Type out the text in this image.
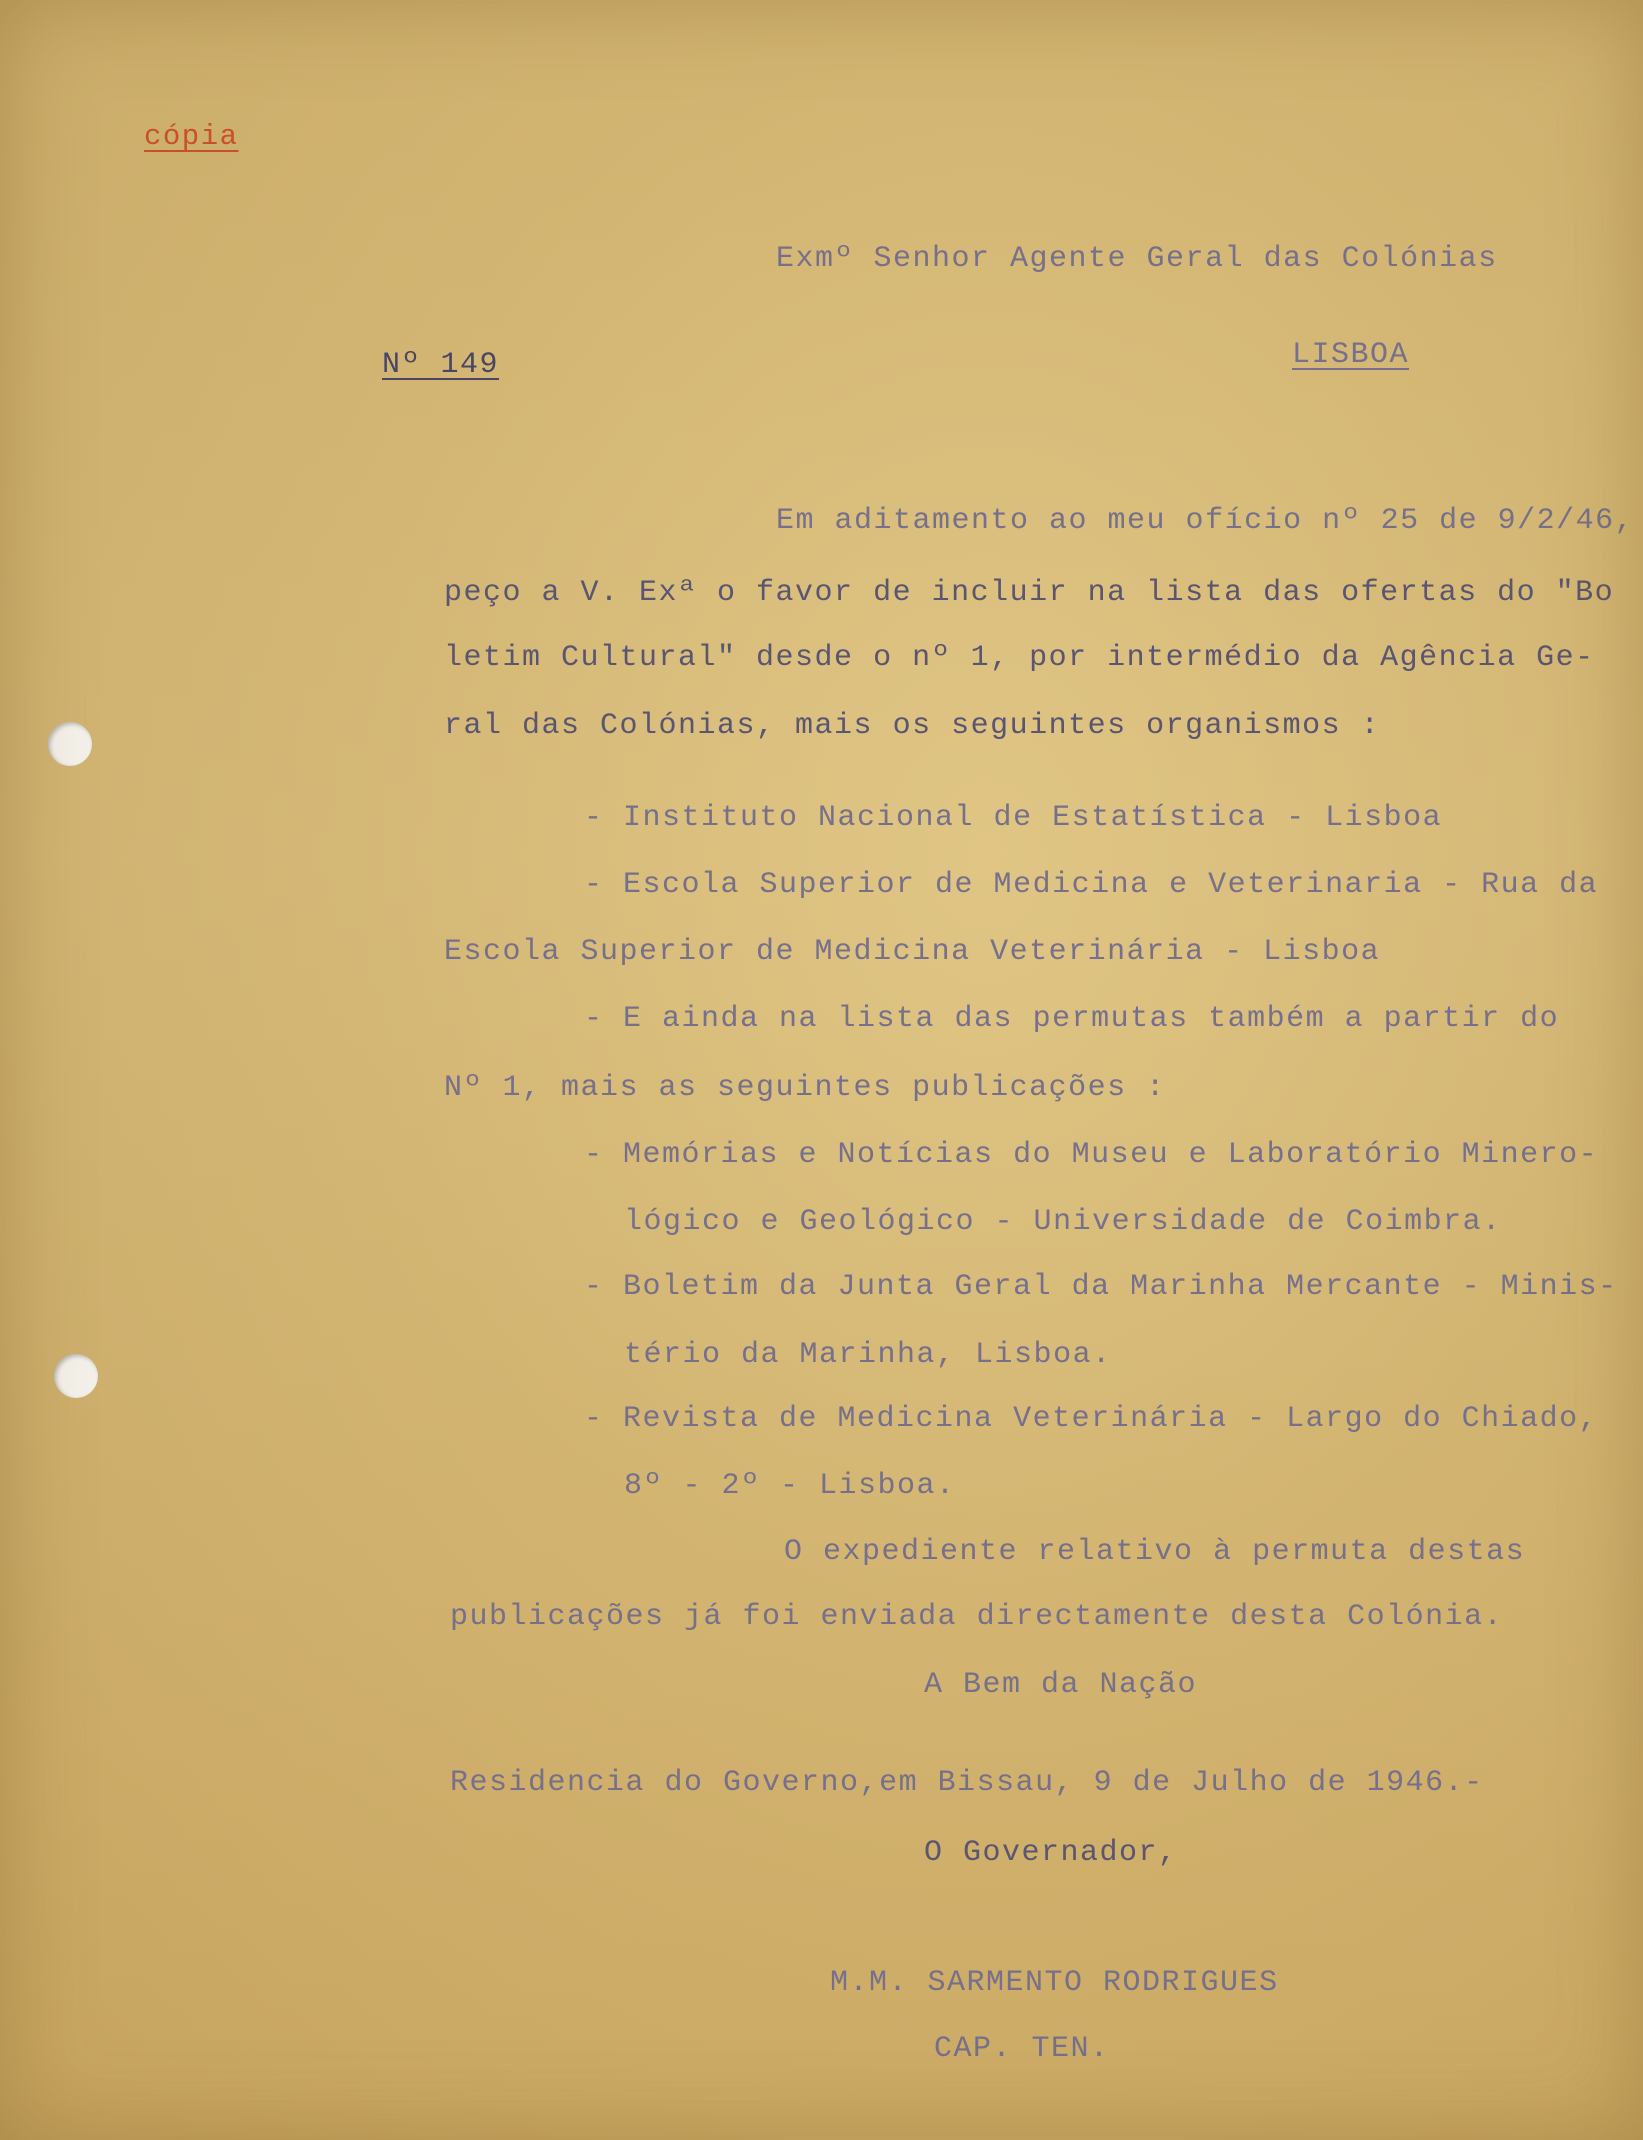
cópia
Exmº Senhor Agente Geral das Colónias
Nº 149	LISBOA
Em aditamento ao meu ofício nº 25 de 9/2/46,
peço a V. Exª o favor de incluir na lista das ofertas do "Bo
letim Cultural" desde o nº 1, por intermédio da Agência Ge-
ral das Colónias, mais os seguintes organismos :
- Instituto Nacional de Estatística - Lisboa
- Escola Superior de Medicina e Veterinaria - Rua da
Escola Superior de Medicina Veterinária - Lisboa
- E ainda na lista das permutas também a partir do
Nº 1, mais as seguintes publicações :
- Memórias e Notícias do Museu e Laboratório Minero-
lógico e Geológico - Universidade de Coimbra.
- Boletim da Junta Geral da Marinha Mercante - Minis-
tério da Marinha, Lisboa.
- Revista de Medicina Veterinária - Largo do Chiado,
8º - 2º - Lisboa.
O expediente relativo à permuta destas
publicações já foi enviada directamente desta Colónia.
A Bem da Nação
Residencia do Governo,em Bissau, 9 de Julho de 1946.-
O Governador,
M.M. SARMENTO RODRIGUES
CAP. TEN.
